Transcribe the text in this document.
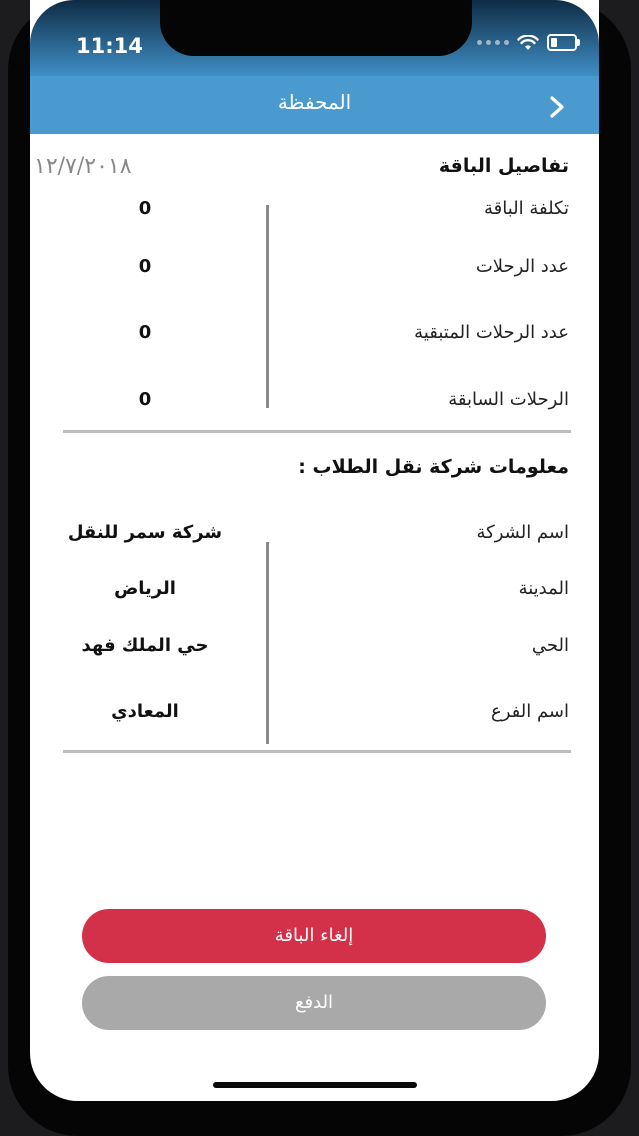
11:14
المحفظة
تفاصيل الباقة
١٢/٧/٢٠١٨
تكلفة الباقة
0
عدد الرحلات
0
عدد الرحلات المتبقية
0
الرحلات السابقة
0
معلومات شركة نقل الطلاب :
اسم الشركة
شركة سمر للنقل
المدينة
الرياض
الحي
حي الملك فهد
اسم الفرع
المعادي
إلغاء الباقة
الدفع
